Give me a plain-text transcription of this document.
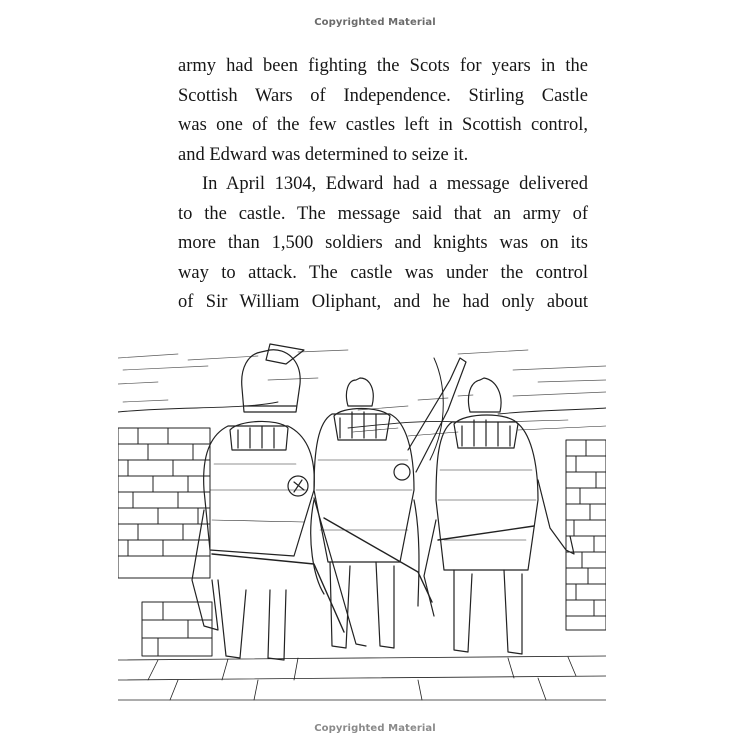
Copyrighted Material
army had been fighting the Scots for years in the
Scottish Wars of Independence. Stirling Castle
was one of the few castles left in Scottish control,
and Edward was determined to seize it.
In April 1304, Edward had a message delivered
to the castle. The message said that an army of
more than 1,500 soldiers and knights was on its
way to attack. The castle was under the control
of Sir William Oliphant, and he had only about
Copyrighted Material
